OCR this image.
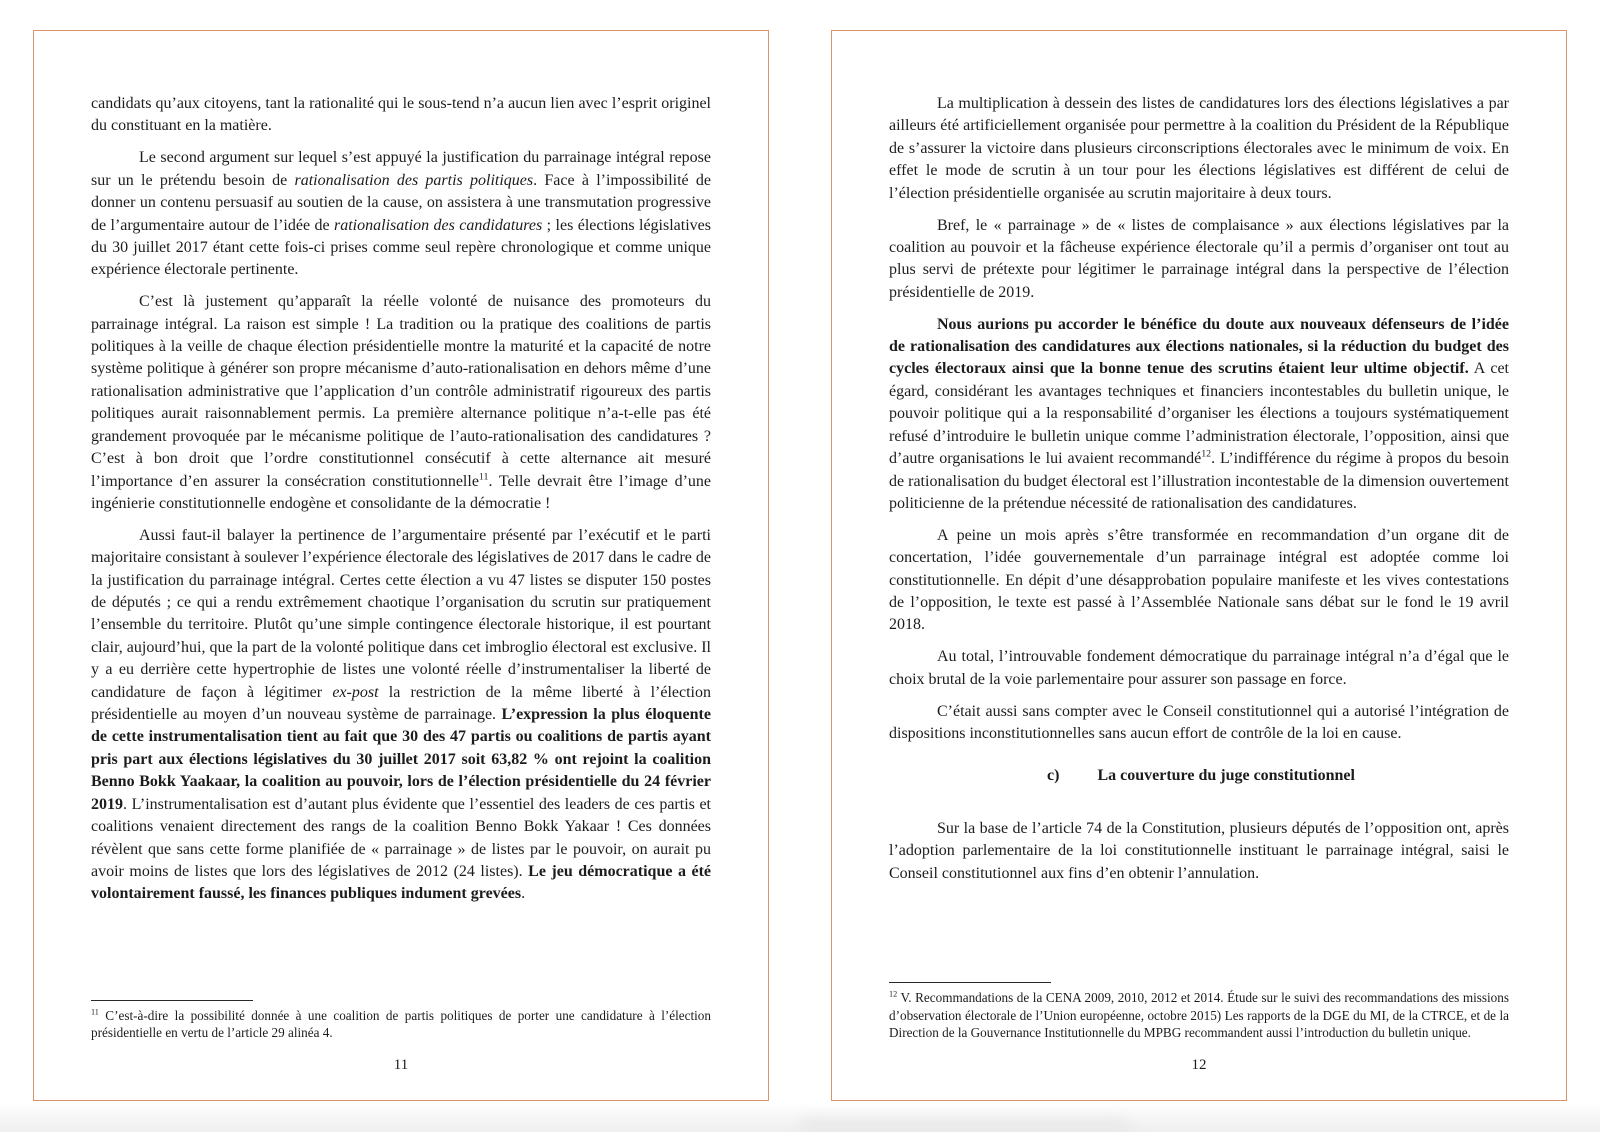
candidats qu’aux citoyens, tant la rationalité qui le sous-tend n’a aucun lien avec l’esprit originel du constituant en la matière.

Le second argument sur lequel s’est appuyé la justification du parrainage intégral repose sur un le prétendu besoin de rationalisation des partis politiques. Face à l’impossibilité de donner un contenu persuasif au soutien de la cause, on assistera à une transmutation progressive de l’argumentaire autour de l’idée de rationalisation des candidatures ; les élections législatives du 30 juillet 2017 étant cette fois-ci prises comme seul repère chronologique et comme unique expérience électorale pertinente.

C’est là justement qu’apparaît la réelle volonté de nuisance des promoteurs du parrainage intégral. La raison est simple ! La tradition ou la pratique des coalitions de partis politiques à la veille de chaque élection présidentielle montre la maturité et la capacité de notre système politique à générer son propre mécanisme d’auto-rationalisation en dehors même d’une rationalisation administrative que l’application d’un contrôle administratif rigoureux des partis politiques aurait raisonnablement permis. La première alternance politique n’a-t-elle pas été grandement provoquée par le mécanisme politique de l’auto-rationalisation des candidatures ? C’est à bon droit que l’ordre constitutionnel consécutif à cette alternance ait mesuré l’importance d’en assurer la consécration constitutionnelle$^{11}$. Telle devrait être l’image d’une ingénierie constitutionnelle endogène et consolidante de la démocratie !

Aussi faut-il balayer la pertinence de l’argumentaire présenté par l’exécutif et le parti majoritaire consistant à soulever l’expérience électorale des législatives de 2017 dans le cadre de la justification du parrainage intégral. Certes cette élection a vu 47 listes se disputer 150 postes de députés ; ce qui a rendu extrêmement chaotique l’organisation du scrutin sur pratiquement l’ensemble du territoire. Plutôt qu’une simple contingence électorale historique, il est pourtant clair, aujourd’hui, que la part de la volonté politique dans cet imbroglio électoral est exclusive. Il y a eu derrière cette hypertrophie de listes une volonté réelle d’instrumentaliser la liberté de candidature de façon à légitimer ex-post la restriction de la même liberté à l’élection présidentielle au moyen d’un nouveau système de parrainage. L’expression la plus éloquente de cette instrumentalisation tient au fait que 30 des 47 partis ou coalitions de partis ayant pris part aux élections législatives du 30 juillet 2017 soit 63,82 % ont rejoint la coalition Benno Bokk Yaakaar, la coalition au pouvoir, lors de l’élection présidentielle du 24 février 2019. L’instrumentalisation est d’autant plus évidente que l’essentiel des leaders de ces partis et coalitions venaient directement des rangs de la coalition Benno Bokk Yakaar ! Ces données révèlent que sans cette forme planifiée de « parrainage » de listes par le pouvoir, on aurait pu avoir moins de listes que lors des législatives de 2012 (24 listes). Le jeu démocratique a été volontairement faussé, les finances publiques indument grevées.

$^{11}$ C’est-à-dire la possibilité donnée à une coalition de partis politiques de porter une candidature à l’élection présidentielle en vertu de l’article 29 alinéa 4.

11

La multiplication à dessein des listes de candidatures lors des élections législatives a par ailleurs été artificiellement organisée pour permettre à la coalition du Président de la République de s’assurer la victoire dans plusieurs circonscriptions électorales avec le minimum de voix. En effet le mode de scrutin à un tour pour les élections législatives est différent de celui de l’élection présidentielle organisée au scrutin majoritaire à deux tours.

Bref, le « parrainage » de « listes de complaisance » aux élections législatives par la coalition au pouvoir et la fâcheuse expérience électorale qu’il a permis d’organiser ont tout au plus servi de prétexte pour légitimer le parrainage intégral dans la perspective de l’élection présidentielle de 2019.

Nous aurions pu accorder le bénéfice du doute aux nouveaux défenseurs de l’idée de rationalisation des candidatures aux élections nationales, si la réduction du budget des cycles électoraux ainsi que la bonne tenue des scrutins étaient leur ultime objectif. A cet égard, considérant les avantages techniques et financiers incontestables du bulletin unique, le pouvoir politique qui a la responsabilité d’organiser les élections a toujours systématiquement refusé d’introduire le bulletin unique comme l’administration électorale, l’opposition, ainsi que d’autre organisations le lui avaient recommandé$^{12}$. L’indifférence du régime à propos du besoin de rationalisation du budget électoral est l’illustration incontestable de la dimension ouvertement politicienne de la prétendue nécessité de rationalisation des candidatures.

A peine un mois après s’être transformée en recommandation d’un organe dit de concertation, l’idée gouvernementale d’un parrainage intégral est adoptée comme loi constitutionnelle. En dépit d’une désapprobation populaire manifeste et les vives contestations de l’opposition, le texte est passé à l’Assemblée Nationale sans débat sur le fond le 19 avril 2018.

Au total, l’introuvable fondement démocratique du parrainage intégral n’a d’égal que le choix brutal de la voie parlementaire pour assurer son passage en force.

C’était aussi sans compter avec le Conseil constitutionnel qui a autorisé l’intégration de dispositions inconstitutionnelles sans aucun effort de contrôle de la loi en cause.

c) La couverture du juge constitutionnel

Sur la base de l’article 74 de la Constitution, plusieurs députés de l’opposition ont, après l’adoption parlementaire de la loi constitutionnelle instituant le parrainage intégral, saisi le Conseil constitutionnel aux fins d’en obtenir l’annulation.

$^{12}$ V. Recommandations de la CENA 2009, 2010, 2012 et 2014. Étude sur le suivi des recommandations des missions d’observation électorale de l’Union européenne, octobre 2015) Les rapports de la DGE du MI, de la CTRCE, et de la Direction de la Gouvernance Institutionnelle du MPBG recommandent aussi l’introduction du bulletin unique.

12
